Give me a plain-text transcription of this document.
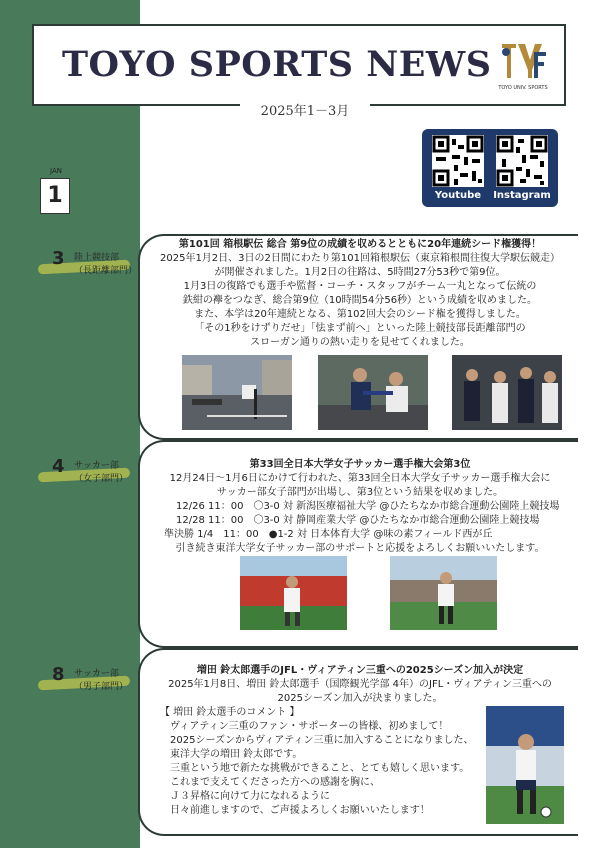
TOYO SPORTS NEWS
TOYO UNIV. SPORTS
2025年1－3月
Youtube	Instagram
JAN
1
3 陸上競技部
（長距離部門）
第101回 箱根駅伝 総合 第9位の成績を収めるとともに20年連続シード権獲得！
2025年1月2日、3日の2日間にわたり第101回箱根駅伝（東京箱根間往復大学駅伝競走）
が開催されました。1月2日の往路は、5時間27分53秒で第9位。
1月3日の復路でも選手や監督・コーチ・スタッフがチーム一丸となって伝統の
鉄紺の襷をつなぎ、総合第9位（10時間54分56秒）という成績を収めました。
また、本学は20年連続となる、第102回大会のシード権を獲得しました。
「その1秒をけずりだせ」「怯まず前へ」といった陸上競技部長距離部門の
スローガン通りの熱い走りを見せてくれました。
4 サッカー部
（女子部門）
第33回全日本大学女子サッカー選手権大会第3位
12月24日～1月6日にかけて行われた、第33回全日本大学女子サッカー選手権大会に
サッカー部女子部門が出場し、第3位という結果を収めました。
12/26 11：00　〇3-0 対 新潟医療福祉大学 @ひたちなか市総合運動公園陸上競技場
12/28 11：00　〇3-0 対 静岡産業大学 @ひたちなか市総合運動公園陸上競技場
準決勝 1/4　11：00　●1-2 対 日本体育大学 @味の素フィールド西が丘
引き続き東洋大学女子サッカー部のサポートと応援をよろしくお願いいたします。
8 サッカー部
（男子部門）
増田 鈴太郎選手のJFL・ヴィアティン三重への2025シーズン加入が決定
2025年1月8日、増田 鈴太郎選手（国際観光学部 4年）のJFL・ヴィアティン三重への
2025シーズン加入が決まりました。
【 増田 鈴太選手のコメント 】
ヴィアティン三重のファン・サポーターの皆様、初めまして！
2025シーズンからヴィアティン三重に加入することになりました、
東洋大学の増田 鈴太郎です。
三重という地で新たな挑戦ができること、とても嬉しく思います。
これまで支えてくださった方への感謝を胸に、
Ｊ３昇格に向けて力になれるように
日々前進しますので、ご声援よろしくお願いいたします！
